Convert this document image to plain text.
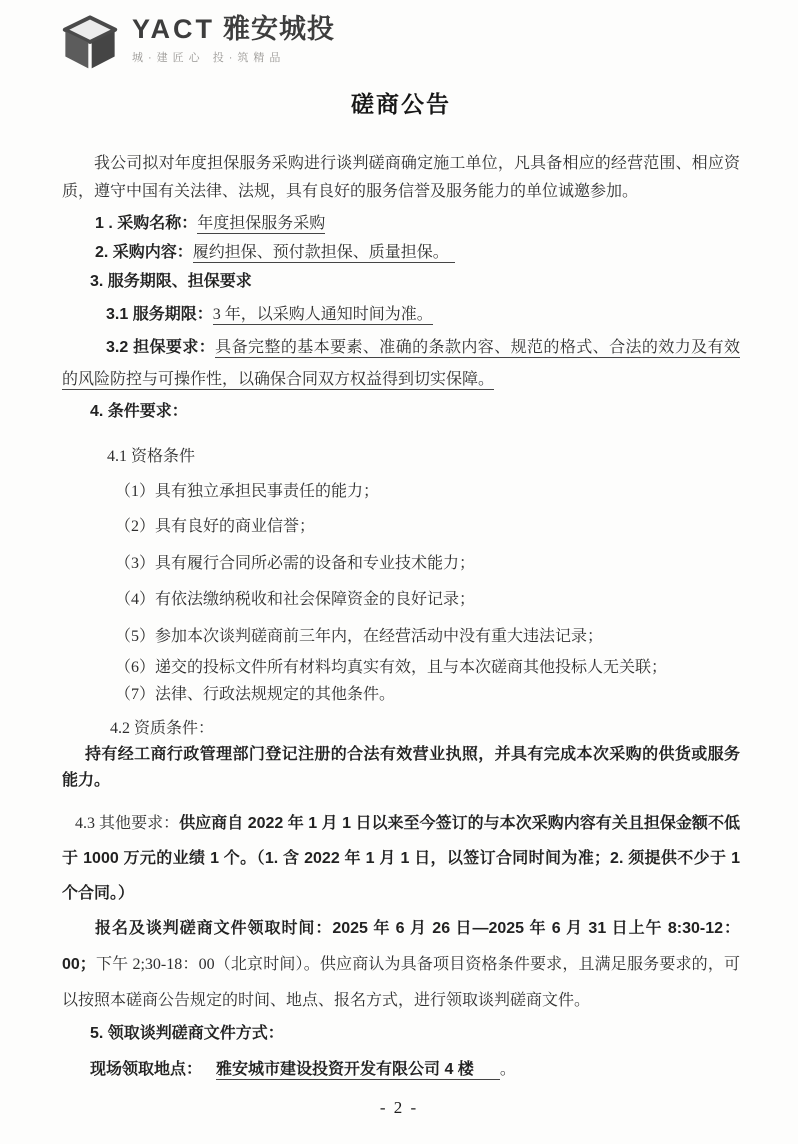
YACT 雅安城投
城·建匠心 投·筑精品
磋商公告

我公司拟对年度担保服务采购进行谈判磋商确定施工单位，凡具备相应的经营范围、相应资质，遵守中国有关法律、法规，具有良好的服务信誉及服务能力的单位诚邀参加。

1 . 采购名称：年度担保服务采购

2. 采购内容：履约担保、预付款担保、质量担保。

3. 服务期限、担保要求

3.1 服务期限：3 年，以采购人通知时间为准。

3.2 担保要求：具备完整的基本要素、准确的条款内容、规范的格式、合法的效力及有效的风险防控与可操作性，以确保合同双方权益得到切实保障。

4. 条件要求：

4.1 资格条件

（1）具有独立承担民事责任的能力；

（2）具有良好的商业信誉；

（3）具有履行合同所必需的设备和专业技术能力；

（4）有依法缴纳税收和社会保障资金的良好记录；

（5）参加本次谈判磋商前三年内，在经营活动中没有重大违法记录；

（6）递交的投标文件所有材料均真实有效，且与本次磋商其他投标人无关联；

（7）法律、行政法规规定的其他条件。

4.2 资质条件：

持有经工商行政管理部门登记注册的合法有效营业执照，并具有完成本次采购的供货或服务能力。

4.3 其他要求：供应商自 2022 年 1 月 1 日以来至今签订的与本次采购内容有关且担保金额不低于 1000 万元的业绩 1 个。（1. 含 2022 年 1 月 1 日，以签订合同时间为准；2. 须提供不少于 1 个合同。）

报名及谈判磋商文件领取时间：2025 年 6 月 26 日—2025 年 6 月 31 日上午 8:30-12：00；下午 2;30-18：00（北京时间）。供应商认为具备项目资格条件要求，且满足服务要求的，可以按照本磋商公告规定的时间、地点、报名方式，进行领取谈判磋商文件。

5. 领取谈判磋商文件方式：

现场领取地点： 雅安城市建设投资开发有限公司 4 楼 。

- 2 -
